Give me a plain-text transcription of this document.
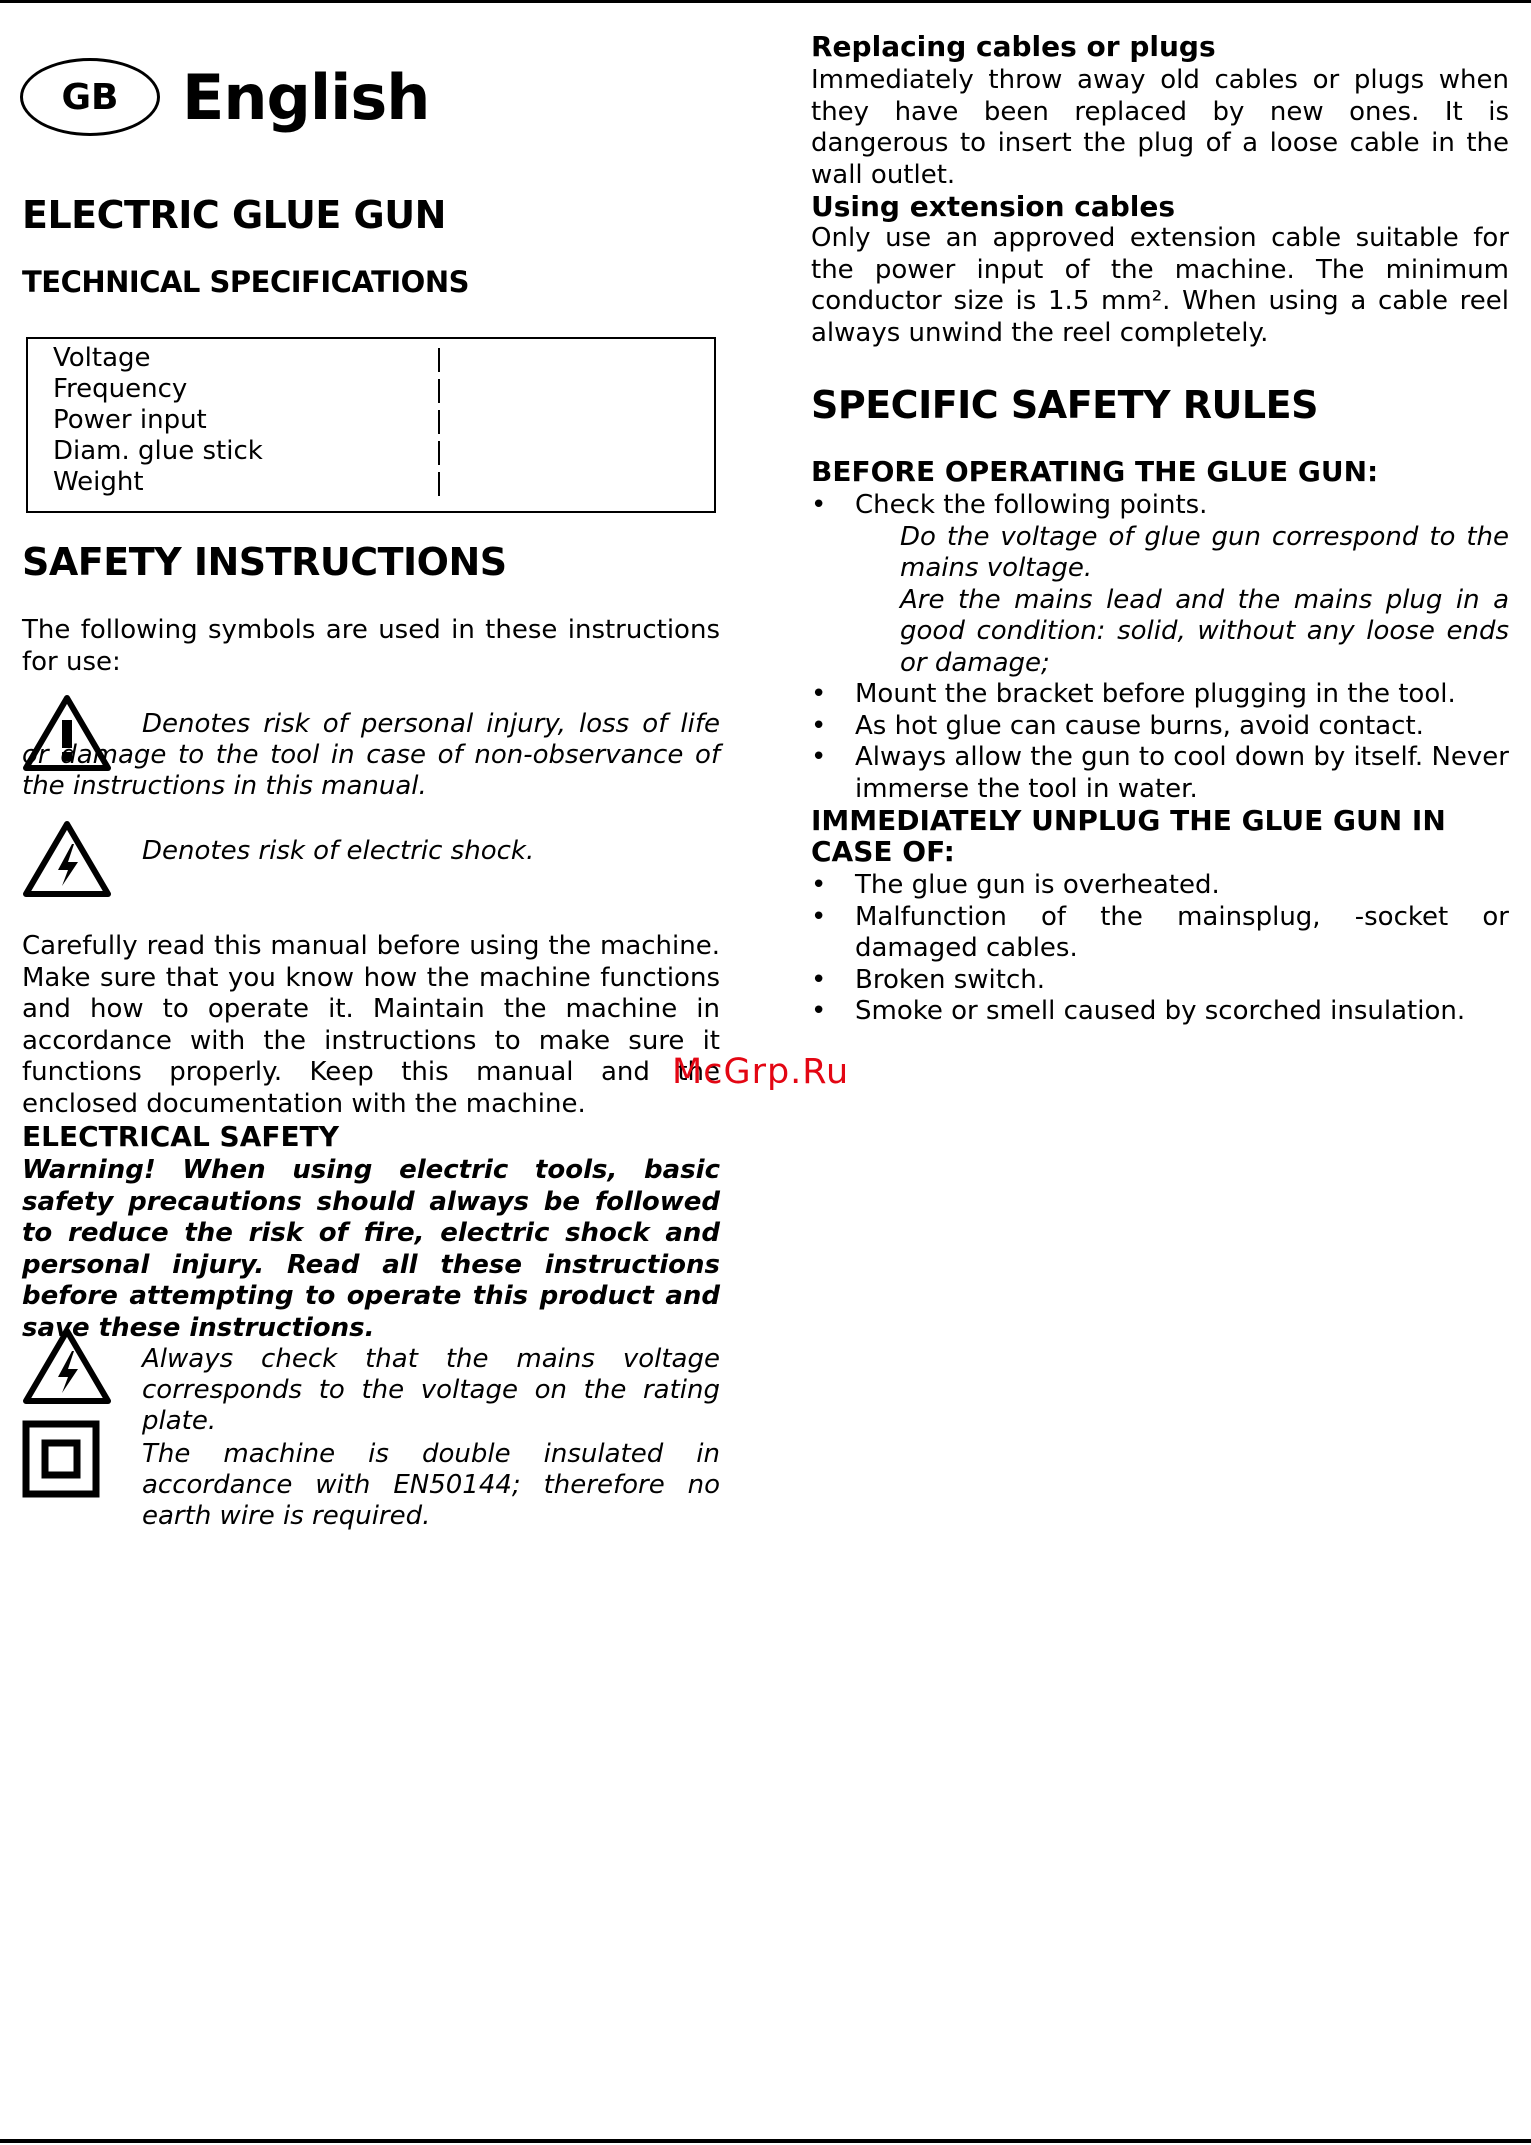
GB	English
ELECTRIC GLUE GUN
TECHNICAL SPECIFICATIONS
Voltage
Frequency
Power input
Diam. glue stick
Weight
SAFETY INSTRUCTIONS
The following symbols are used in these instructions for use:
Denotes risk of personal injury, loss of life or damage to the tool in case of non-observance of the instructions in this manual.
Denotes risk of electric shock.
Carefully read this manual before using the machine. Make sure that you know how the machine functions and how to operate it. Maintain the machine in accordance with the instructions to make sure it functions properly. Keep this manual and the enclosed documentation with the machine.
ELECTRICAL SAFETY
Warning! When using electric tools, basic safety precautions should always be followed to reduce the risk of fire, electric shock and personal injury. Read all these instructions before attempting to operate this product and save these instructions.
Always check that the mains voltage corresponds to the voltage on the rating plate.
The machine is double insulated in accordance with EN50144; therefore no earth wire is required.
Replacing cables or plugs
Immediately throw away old cables or plugs when they have been replaced by new ones. It is dangerous to insert the plug of a loose cable in the wall outlet.
Using extension cables
Only use an approved extension cable suitable for the power input of the machine. The minimum conductor size is 1.5 mm². When using a cable reel always unwind the reel completely.
SPECIFIC SAFETY RULES
BEFORE OPERATING THE GLUE GUN:
• Check the following points.
Do the voltage of glue gun correspond to the mains voltage.
Are the mains lead and the mains plug in a good condition: solid, without any loose ends or damage;
• Mount the bracket before plugging in the tool.
• As hot glue can cause burns, avoid contact.
• Always allow the gun to cool down by itself. Never immerse the tool in water.
IMMEDIATELY UNPLUG THE GLUE GUN IN CASE OF:
• The glue gun is overheated.
• Malfunction of the mainsplug, -socket or damaged cables.
• Broken switch.
• Smoke or smell caused by scorched insulation.
McGrp.Ru
